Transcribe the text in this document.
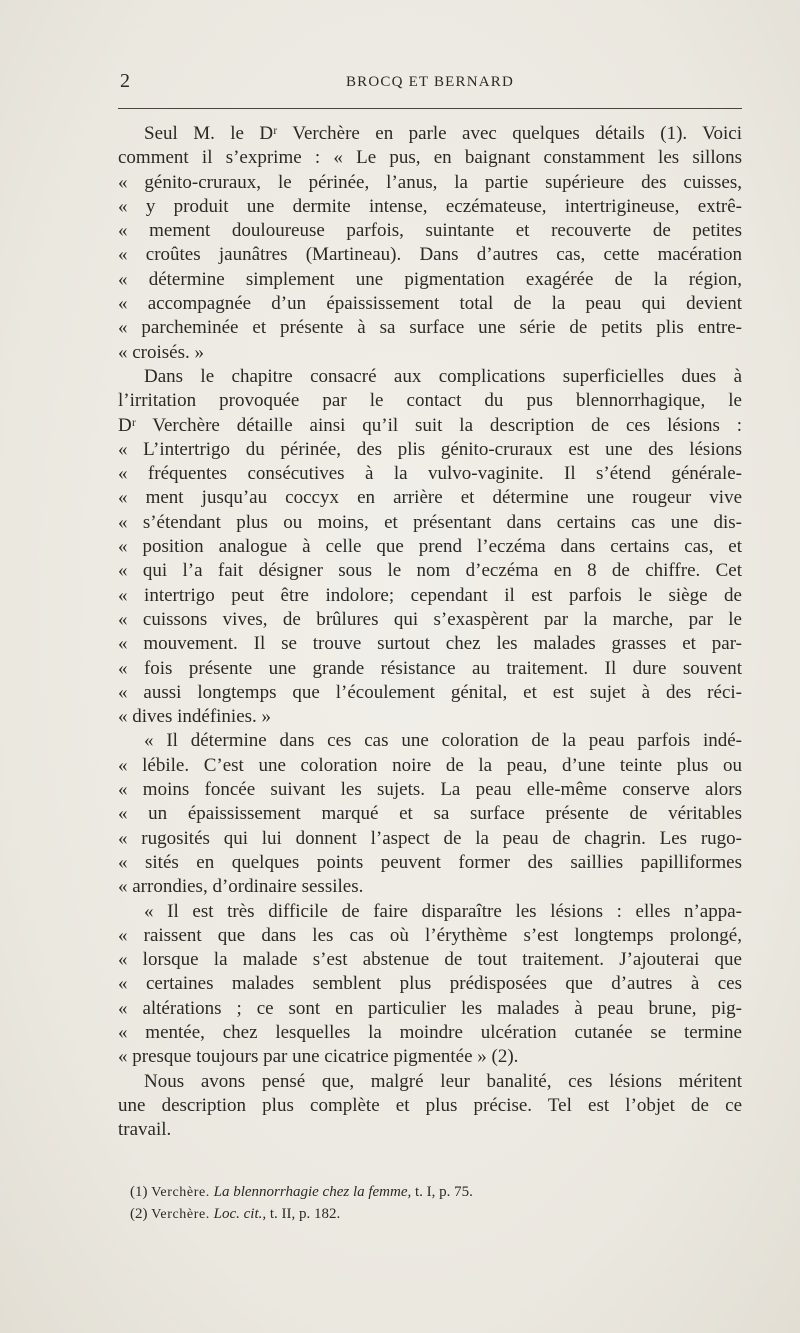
2	BROCQ ET BERNARD
Seul M. le Dʳ Verchère en parle avec quelques détails (1). Voici
comment il s’exprime : « Le pus, en baignant constamment les sillons
« génito-cruraux, le périnée, l’anus, la partie supérieure des cuisses,
« y produit une dermite intense, eczémateuse, intertrigineuse, extrê-
« mement douloureuse parfois, suintante et recouverte de petites
« croûtes jaunâtres (Martineau). Dans d’autres cas, cette macération
« détermine simplement une pigmentation exagérée de la région,
« accompagnée d’un épaississement total de la peau qui devient
« parcheminée et présente à sa surface une série de petits plis entre-
« croisés. »
Dans le chapitre consacré aux complications superficielles dues à
l’irritation provoquée par le contact du pus blennorrhagique, le
Dʳ Verchère détaille ainsi qu’il suit la description de ces lésions :
« L’intertrigo du périnée, des plis génito-cruraux est une des lésions
« fréquentes consécutives à la vulvo-vaginite. Il s’étend générale-
« ment jusqu’au coccyx en arrière et détermine une rougeur vive
« s’étendant plus ou moins, et présentant dans certains cas une dis-
« position analogue à celle que prend l’eczéma dans certains cas, et
« qui l’a fait désigner sous le nom d’eczéma en 8 de chiffre. Cet
« intertrigo peut être indolore; cependant il est parfois le siège de
« cuissons vives, de brûlures qui s’exaspèrent par la marche, par le
« mouvement. Il se trouve surtout chez les malades grasses et par-
« fois présente une grande résistance au traitement. Il dure souvent
« aussi longtemps que l’écoulement génital, et est sujet à des réci-
« dives indéfinies. »
« Il détermine dans ces cas une coloration de la peau parfois indé-
« lébile. C’est une coloration noire de la peau, d’une teinte plus ou
« moins foncée suivant les sujets. La peau elle-même conserve alors
« un épaississement marqué et sa surface présente de véritables
« rugosités qui lui donnent l’aspect de la peau de chagrin. Les rugo-
« sités en quelques points peuvent former des saillies papilliformes
« arrondies, d’ordinaire sessiles.
« Il est très difficile de faire disparaître les lésions : elles n’appa-
« raissent que dans les cas où l’érythème s’est longtemps prolongé,
« lorsque la malade s’est abstenue de tout traitement. J’ajouterai que
« certaines malades semblent plus prédisposées que d’autres à ces
« altérations ; ce sont en particulier les malades à peau brune, pig-
« mentée, chez lesquelles la moindre ulcération cutanée se termine
« presque toujours par une cicatrice pigmentée » (2).
Nous avons pensé que, malgré leur banalité, ces lésions méritent
une description plus complète et plus précise. Tel est l’objet de ce
travail.
(1) Verchère. La blennorrhagie chez la femme, t. I, p. 75.
(2) Verchère. Loc. cit., t. II, p. 182.
